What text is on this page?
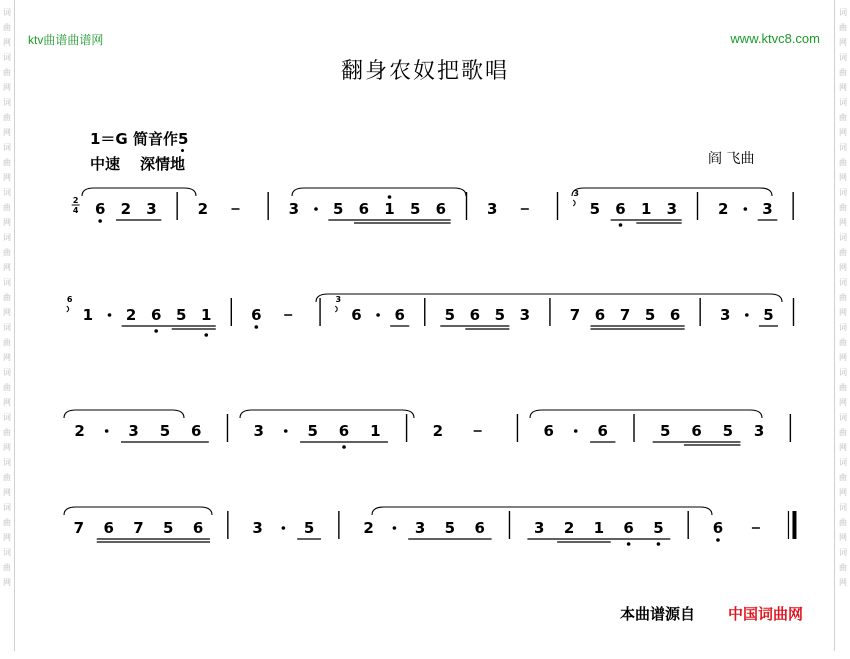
词
曲
网
词
曲
网
词
曲
网
词
曲
网
词
曲
网
词
曲
网
词
曲
网
词
曲
网
词
曲
网
词
曲
网
词
曲
网
词
曲
网
词
曲
网
词
曲
网
词
曲
网
词
曲
网
词
曲
网
词
曲
网
词
曲
网
词
曲
网
词
曲
网
词
曲
网
词
曲
网
词
曲
网
词
曲
网
词
曲
网
ktv曲谱曲谱网	www.ktvc8.com
翻身农奴把歌唱
1＝G 简音作5
中速 深情地	阎 飞曲
2
4 6 2 3	2	3 5 6 1 5 6	3
3
5 6 1 3	2 3
6
1 2 6 5 1	6
3
6 6	5 6 5 3	7 6 7 5 6	3 5
2	3 5 6	3	5 6 1	2	6	6	5 6 5 3
7 6 7 5 6	3	5	2	3 5 6	3 2 1 6 5	6
本曲谱源自 中国词曲网
